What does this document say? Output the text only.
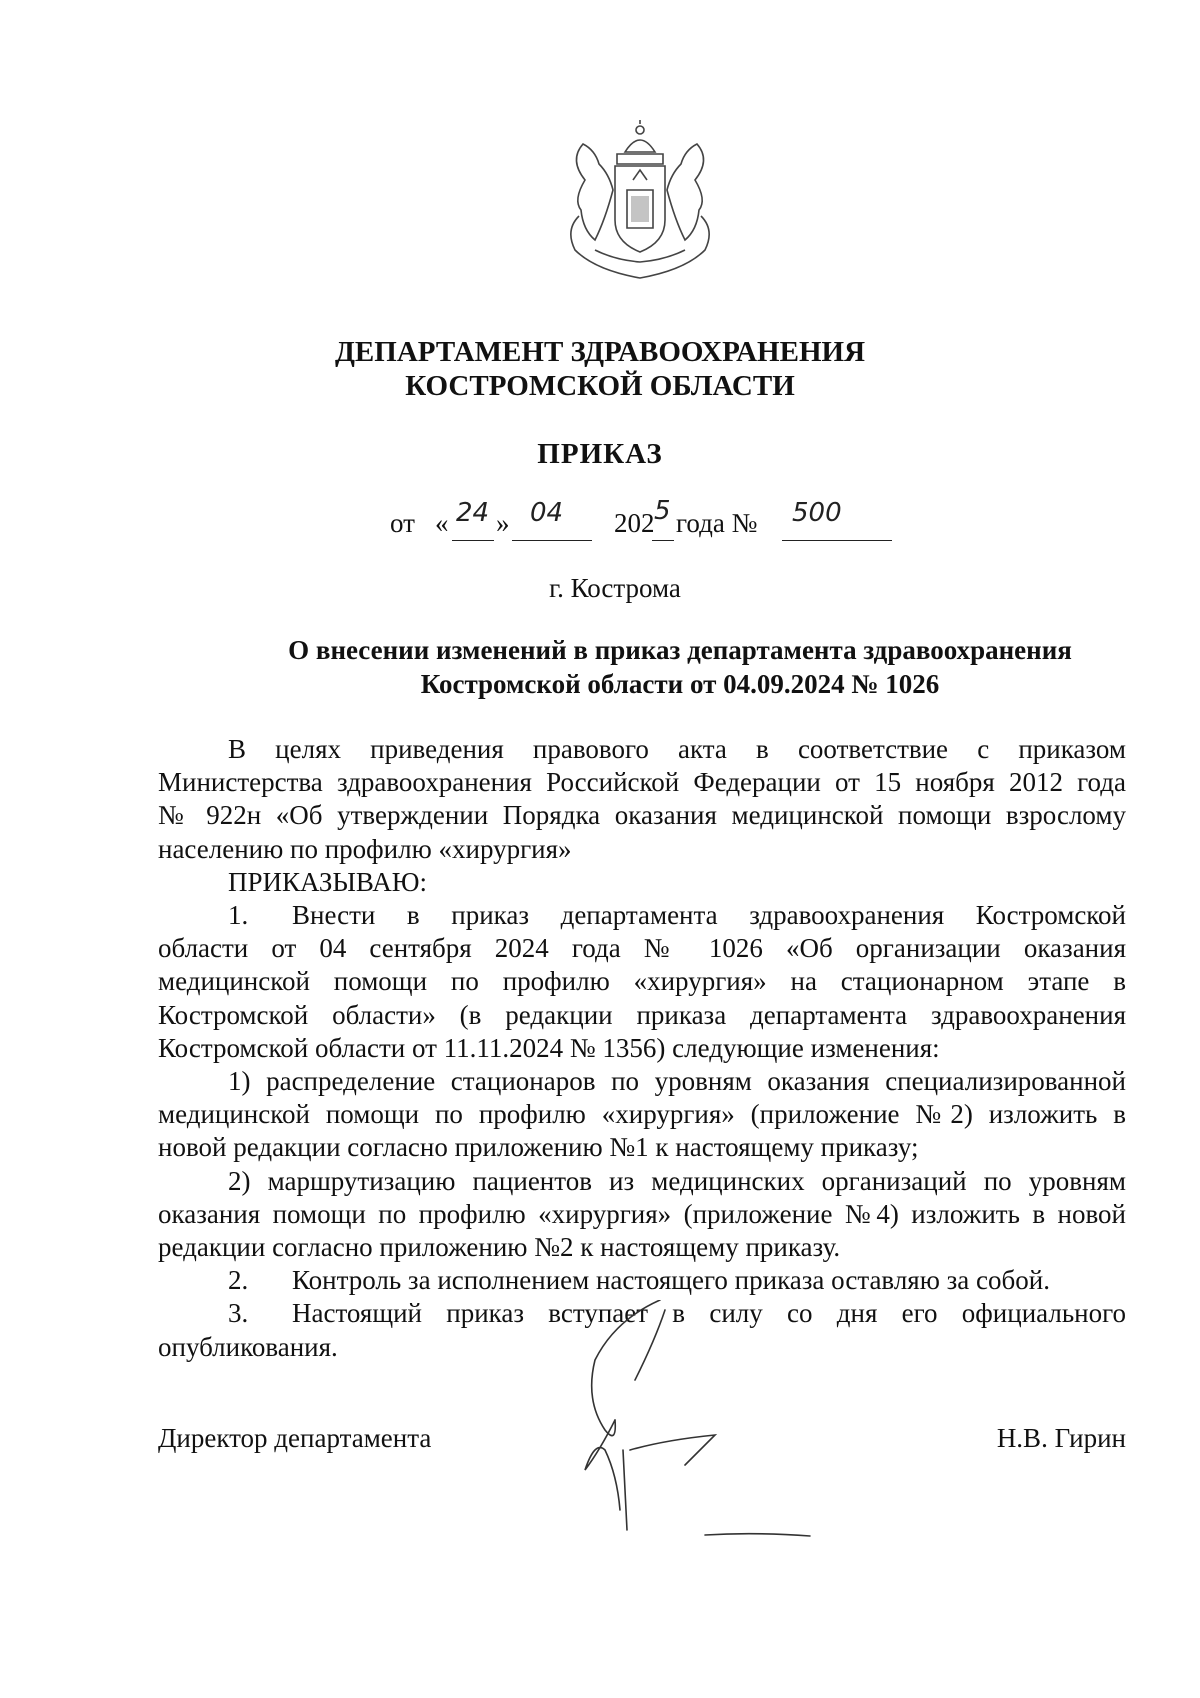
ДЕПАРТАМЕНТ ЗДРАВООХРАНЕНИЯ
КОСТРОМСКОЙ ОБЛАСТИ
ПРИКАЗ
от « 24 » 04 202 5 года № 500
г. Кострома
О внесении изменений в приказ департамента здравоохранения
Костромской области от 04.09.2024 № 1026

В целях приведения правового акта в соответствие с приказом

Министерства здравоохранения Российской Федерации от 15 ноября 2012 года

№ 922н «Об утверждении Порядка оказания медицинской помощи взрослому

населению по профилю «хирургия»

ПРИКАЗЫВАЮ:

1. Внести в приказ департамента здравоохранения Костромской

области от 04 сентября 2024 года № 1026 «Об организации оказания

медицинской помощи по профилю «хирургия» на стационарном этапе в

Костромской области» (в редакции приказа департамента здравоохранения

Костромской области от 11.11.2024 № 1356) следующие изменения:

1) распределение стационаров по уровням оказания специализированной

медицинской помощи по профилю «хирургия» (приложение №2) изложить в

новой редакции согласно приложению №1 к настоящему приказу;

2) маршрутизацию пациентов из медицинских организаций по уровням

оказания помощи по профилю «хирургия» (приложение №4) изложить в новой

редакции согласно приложению №2 к настоящему приказу.

2. Контроль за исполнением настоящего приказа оставляю за собой.

3. Настоящий приказ вступает в силу со дня его официального

опубликования.

Директор департамента	Н.В. Гирин
